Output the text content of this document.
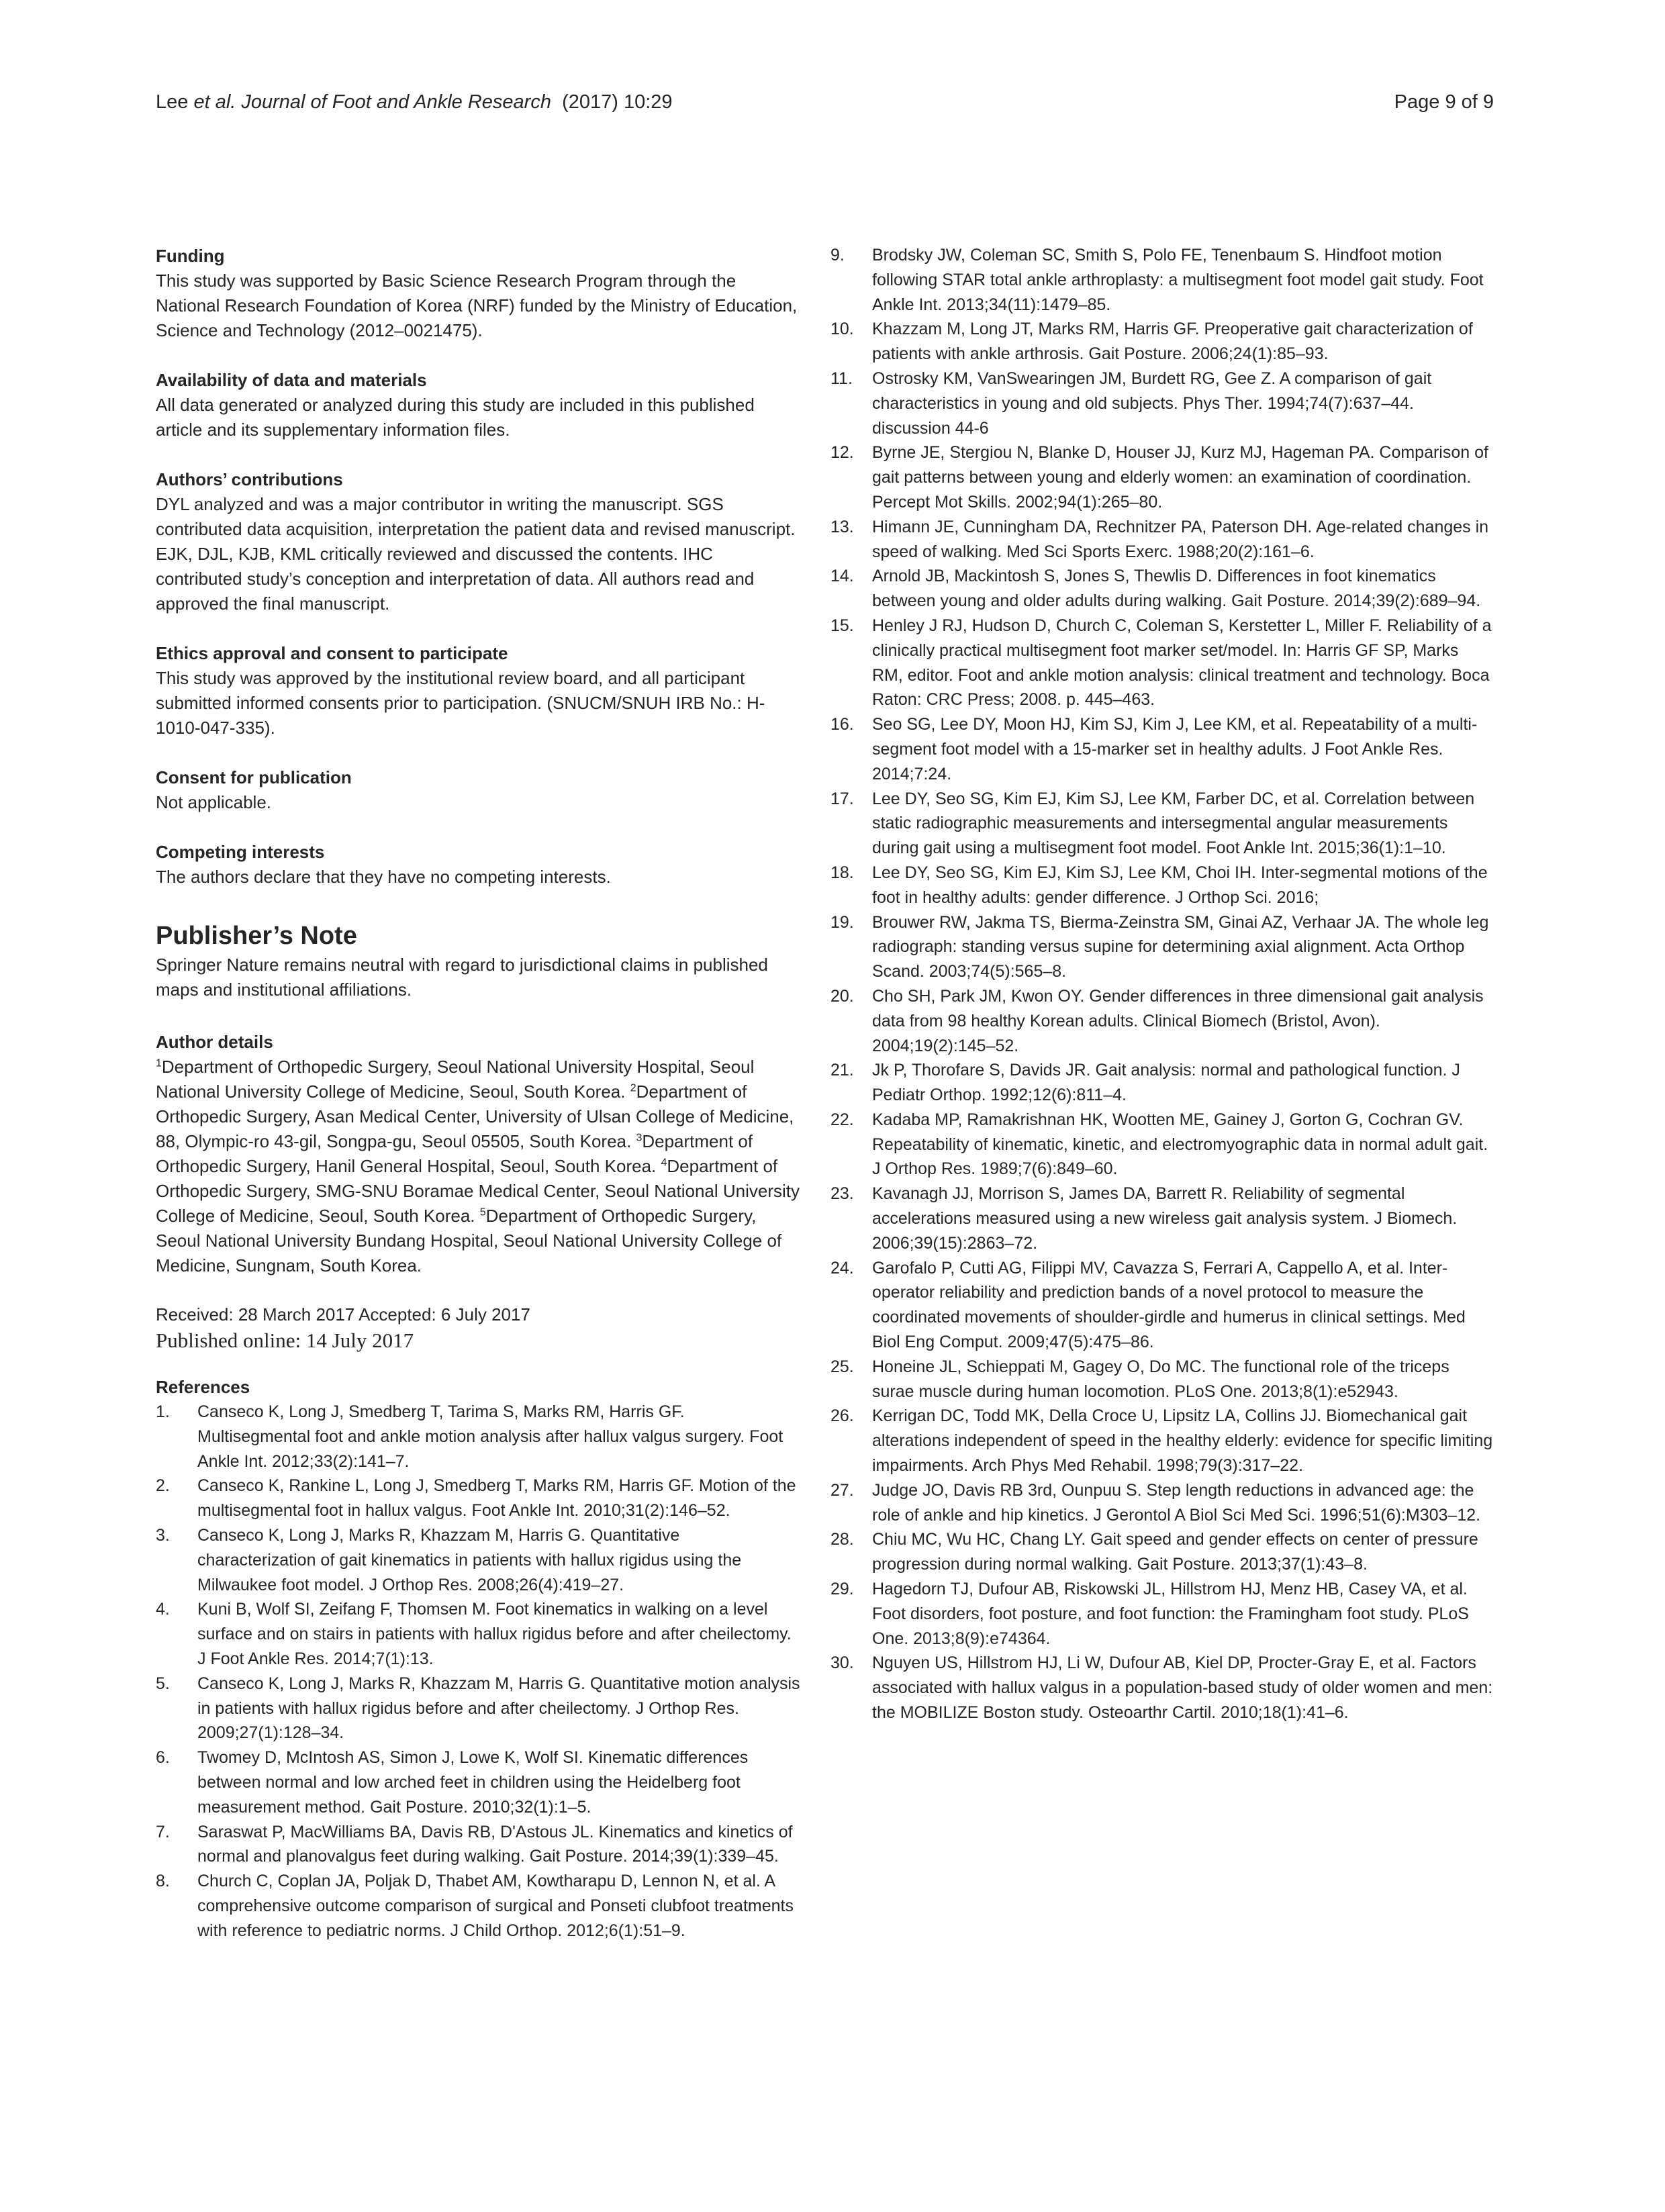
Lee et al. Journal of Foot and Ankle Research  (2017) 10:29	Page 9 of 9
Funding

This study was supported by Basic Science Research Program through the National Research Foundation of Korea (NRF) funded by the Ministry of Education, Science and Technology (2012–0021475).

Availability of data and materials

All data generated or analyzed during this study are included in this published article and its supplementary information files.

Authors’ contributions

DYL analyzed and was a major contributor in writing the manuscript. SGS contributed data acquisition, interpretation the patient data and revised manuscript. EJK, DJL, KJB, KML critically reviewed and discussed the contents. IHC contributed study’s conception and interpretation of data. All authors read and approved the final manuscript.

Ethics approval and consent to participate

This study was approved by the institutional review board, and all participant submitted informed consents prior to participation. (SNUCM/SNUH IRB No.: H-1010-047-335).

Consent for publication

Not applicable.

Competing interests

The authors declare that they have no competing interests.

Publisher’s Note

Springer Nature remains neutral with regard to jurisdictional claims in published maps and institutional affiliations.

Author details

$^1$Department of Orthopedic Surgery, Seoul National University Hospital, Seoul National University College of Medicine, Seoul, South Korea. $^2$Department of Orthopedic Surgery, Asan Medical Center, University of Ulsan College of Medicine, 88, Olympic-ro 43-gil, Songpa-gu, Seoul 05505, South Korea. $^3$Department of Orthopedic Surgery, Hanil General Hospital, Seoul, South Korea. $^4$Department of Orthopedic Surgery, SMG-SNU Boramae Medical Center, Seoul National University College of Medicine, Seoul, South Korea. $^5$Department of Orthopedic Surgery, Seoul National University Bundang Hospital, Seoul National University College of Medicine, Sungnam, South Korea.

Received: 28 March 2017 Accepted: 6 July 2017

Published online: 14 July 2017

References
1.	Canseco K, Long J, Smedberg T, Tarima S, Marks RM, Harris GF. Multisegmental foot and ankle motion analysis after hallux valgus surgery. Foot Ankle Int. 2012;33(2):141–7.
2.	Canseco K, Rankine L, Long J, Smedberg T, Marks RM, Harris GF. Motion of the multisegmental foot in hallux valgus. Foot Ankle Int. 2010;31(2):146–52.
3.	Canseco K, Long J, Marks R, Khazzam M, Harris G. Quantitative characterization of gait kinematics in patients with hallux rigidus using the Milwaukee foot model. J Orthop Res. 2008;26(4):419–27.
4.	Kuni B, Wolf SI, Zeifang F, Thomsen M. Foot kinematics in walking on a level surface and on stairs in patients with hallux rigidus before and after cheilectomy. J Foot Ankle Res. 2014;7(1):13.
5.	Canseco K, Long J, Marks R, Khazzam M, Harris G. Quantitative motion analysis in patients with hallux rigidus before and after cheilectomy. J Orthop Res. 2009;27(1):128–34.
6.	Twomey D, McIntosh AS, Simon J, Lowe K, Wolf SI. Kinematic differences between normal and low arched feet in children using the Heidelberg foot measurement method. Gait Posture. 2010;32(1):1–5.
7.	Saraswat P, MacWilliams BA, Davis RB, D'Astous JL. Kinematics and kinetics of normal and planovalgus feet during walking. Gait Posture. 2014;39(1):339–45.
8.	Church C, Coplan JA, Poljak D, Thabet AM, Kowtharapu D, Lennon N, et al. A comprehensive outcome comparison of surgical and Ponseti clubfoot treatments with reference to pediatric norms. J Child Orthop. 2012;6(1):51–9.
9.	Brodsky JW, Coleman SC, Smith S, Polo FE, Tenenbaum S. Hindfoot motion following STAR total ankle arthroplasty: a multisegment foot model gait study. Foot Ankle Int. 2013;34(11):1479–85.
10.	Khazzam M, Long JT, Marks RM, Harris GF. Preoperative gait characterization of patients with ankle arthrosis. Gait Posture. 2006;24(1):85–93.
11.	Ostrosky KM, VanSwearingen JM, Burdett RG, Gee Z. A comparison of gait characteristics in young and old subjects. Phys Ther. 1994;74(7):637–44. discussion 44-6
12.	Byrne JE, Stergiou N, Blanke D, Houser JJ, Kurz MJ, Hageman PA. Comparison of gait patterns between young and elderly women: an examination of coordination. Percept Mot Skills. 2002;94(1):265–80.
13.	Himann JE, Cunningham DA, Rechnitzer PA, Paterson DH. Age-related changes in speed of walking. Med Sci Sports Exerc. 1988;20(2):161–6.
14.	Arnold JB, Mackintosh S, Jones S, Thewlis D. Differences in foot kinematics between young and older adults during walking. Gait Posture. 2014;39(2):689–94.
15.	Henley J RJ, Hudson D, Church C, Coleman S, Kerstetter L, Miller F. Reliability of a clinically practical multisegment foot marker set/model. In: Harris GF SP, Marks RM, editor. Foot and ankle motion analysis: clinical treatment and technology. Boca Raton: CRC Press; 2008. p. 445–463.
16.	Seo SG, Lee DY, Moon HJ, Kim SJ, Kim J, Lee KM, et al. Repeatability of a multi-segment foot model with a 15-marker set in healthy adults. J Foot Ankle Res. 2014;7:24.
17.	Lee DY, Seo SG, Kim EJ, Kim SJ, Lee KM, Farber DC, et al. Correlation between static radiographic measurements and intersegmental angular measurements during gait using a multisegment foot model. Foot Ankle Int. 2015;36(1):1–10.
18.	Lee DY, Seo SG, Kim EJ, Kim SJ, Lee KM, Choi IH. Inter-segmental motions of the foot in healthy adults: gender difference. J Orthop Sci. 2016;
19.	Brouwer RW, Jakma TS, Bierma-Zeinstra SM, Ginai AZ, Verhaar JA. The whole leg radiograph: standing versus supine for determining axial alignment. Acta Orthop Scand. 2003;74(5):565–8.
20.	Cho SH, Park JM, Kwon OY. Gender differences in three dimensional gait analysis data from 98 healthy Korean adults. Clinical Biomech (Bristol, Avon). 2004;19(2):145–52.
21.	Jk P, Thorofare S, Davids JR. Gait analysis: normal and pathological function. J Pediatr Orthop. 1992;12(6):811–4.
22.	Kadaba MP, Ramakrishnan HK, Wootten ME, Gainey J, Gorton G, Cochran GV. Repeatability of kinematic, kinetic, and electromyographic data in normal adult gait. J Orthop Res. 1989;7(6):849–60.
23.	Kavanagh JJ, Morrison S, James DA, Barrett R. Reliability of segmental accelerations measured using a new wireless gait analysis system. J Biomech. 2006;39(15):2863–72.
24.	Garofalo P, Cutti AG, Filippi MV, Cavazza S, Ferrari A, Cappello A, et al. Inter-operator reliability and prediction bands of a novel protocol to measure the coordinated movements of shoulder-girdle and humerus in clinical settings. Med Biol Eng Comput. 2009;47(5):475–86.
25.	Honeine JL, Schieppati M, Gagey O, Do MC. The functional role of the triceps surae muscle during human locomotion. PLoS One. 2013;8(1):e52943.
26.	Kerrigan DC, Todd MK, Della Croce U, Lipsitz LA, Collins JJ. Biomechanical gait alterations independent of speed in the healthy elderly: evidence for specific limiting impairments. Arch Phys Med Rehabil. 1998;79(3):317–22.
27.	Judge JO, Davis RB 3rd, Ounpuu S. Step length reductions in advanced age: the role of ankle and hip kinetics. J Gerontol A Biol Sci Med Sci. 1996;51(6):M303–12.
28.	Chiu MC, Wu HC, Chang LY. Gait speed and gender effects on center of pressure progression during normal walking. Gait Posture. 2013;37(1):43–8.
29.	Hagedorn TJ, Dufour AB, Riskowski JL, Hillstrom HJ, Menz HB, Casey VA, et al. Foot disorders, foot posture, and foot function: the Framingham foot study. PLoS One. 2013;8(9):e74364.
30.	Nguyen US, Hillstrom HJ, Li W, Dufour AB, Kiel DP, Procter-Gray E, et al. Factors associated with hallux valgus in a population-based study of older women and men: the MOBILIZE Boston study. Osteoarthr Cartil. 2010;18(1):41–6.
